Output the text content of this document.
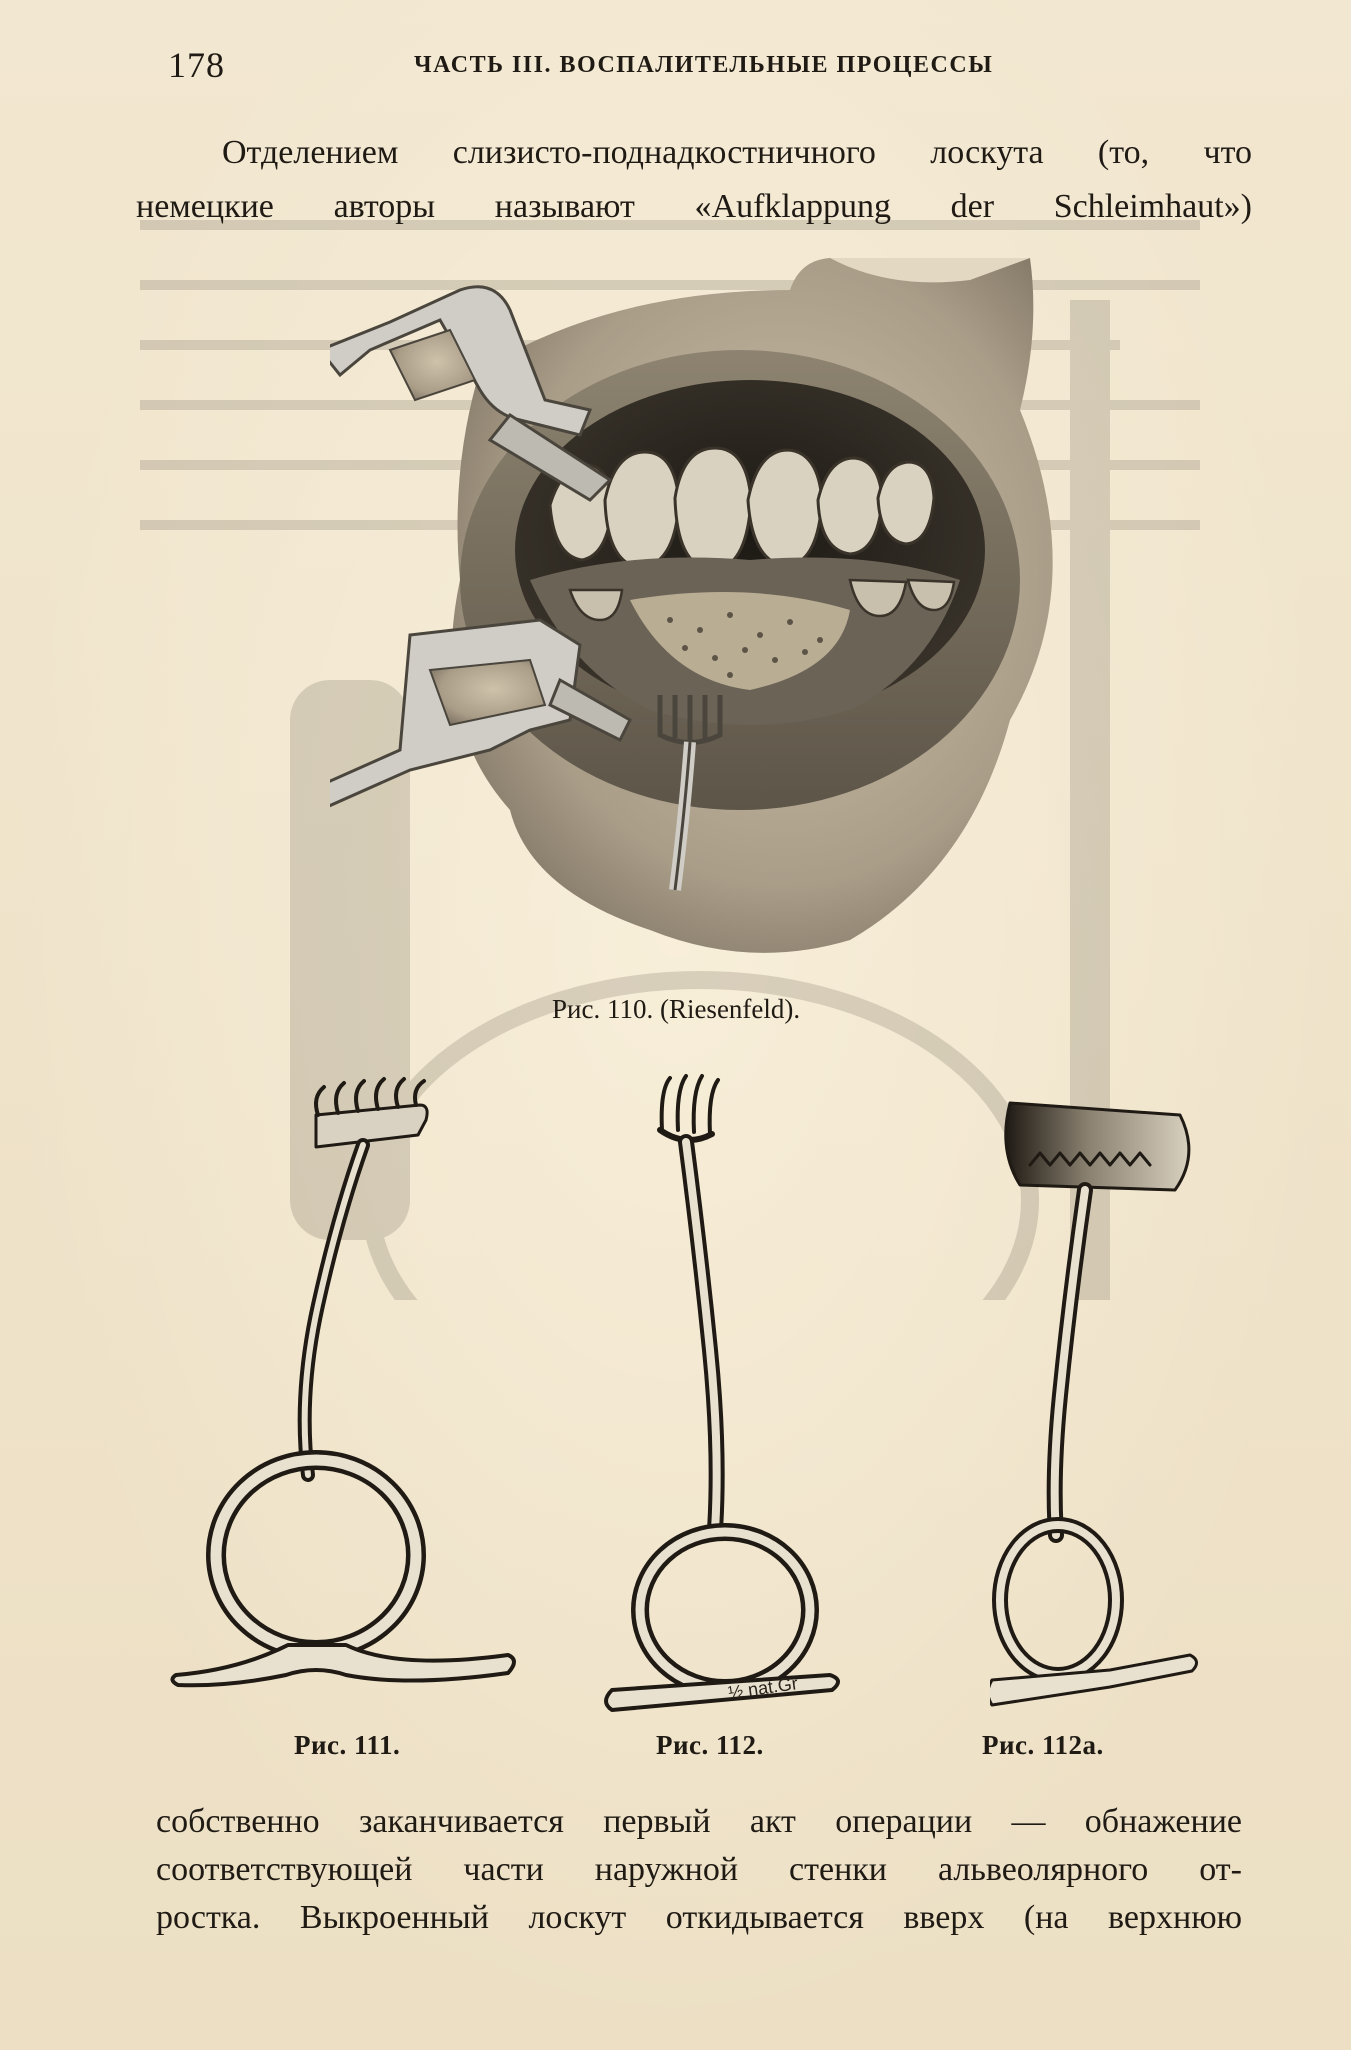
178	ЧАСТЬ III. ВОСПАЛИТЕЛЬНЫЕ ПРОЦЕССЫ
Отделением слизисто-поднадкостничного лоскута (то, что
немецкие авторы называют «Aufklappung der Schleimhaut»)
Рис. 110. (Riesenfeld).
Рис. 111.
½ nat.Gr
Рис. 112.	Рис. 112а.
собственно заканчивается первый акт операции — обнажение
соответствующей части наружной стенки альвеолярного от-
ростка. Выкроенный лоскут откидывается вверх (на верхнюю
